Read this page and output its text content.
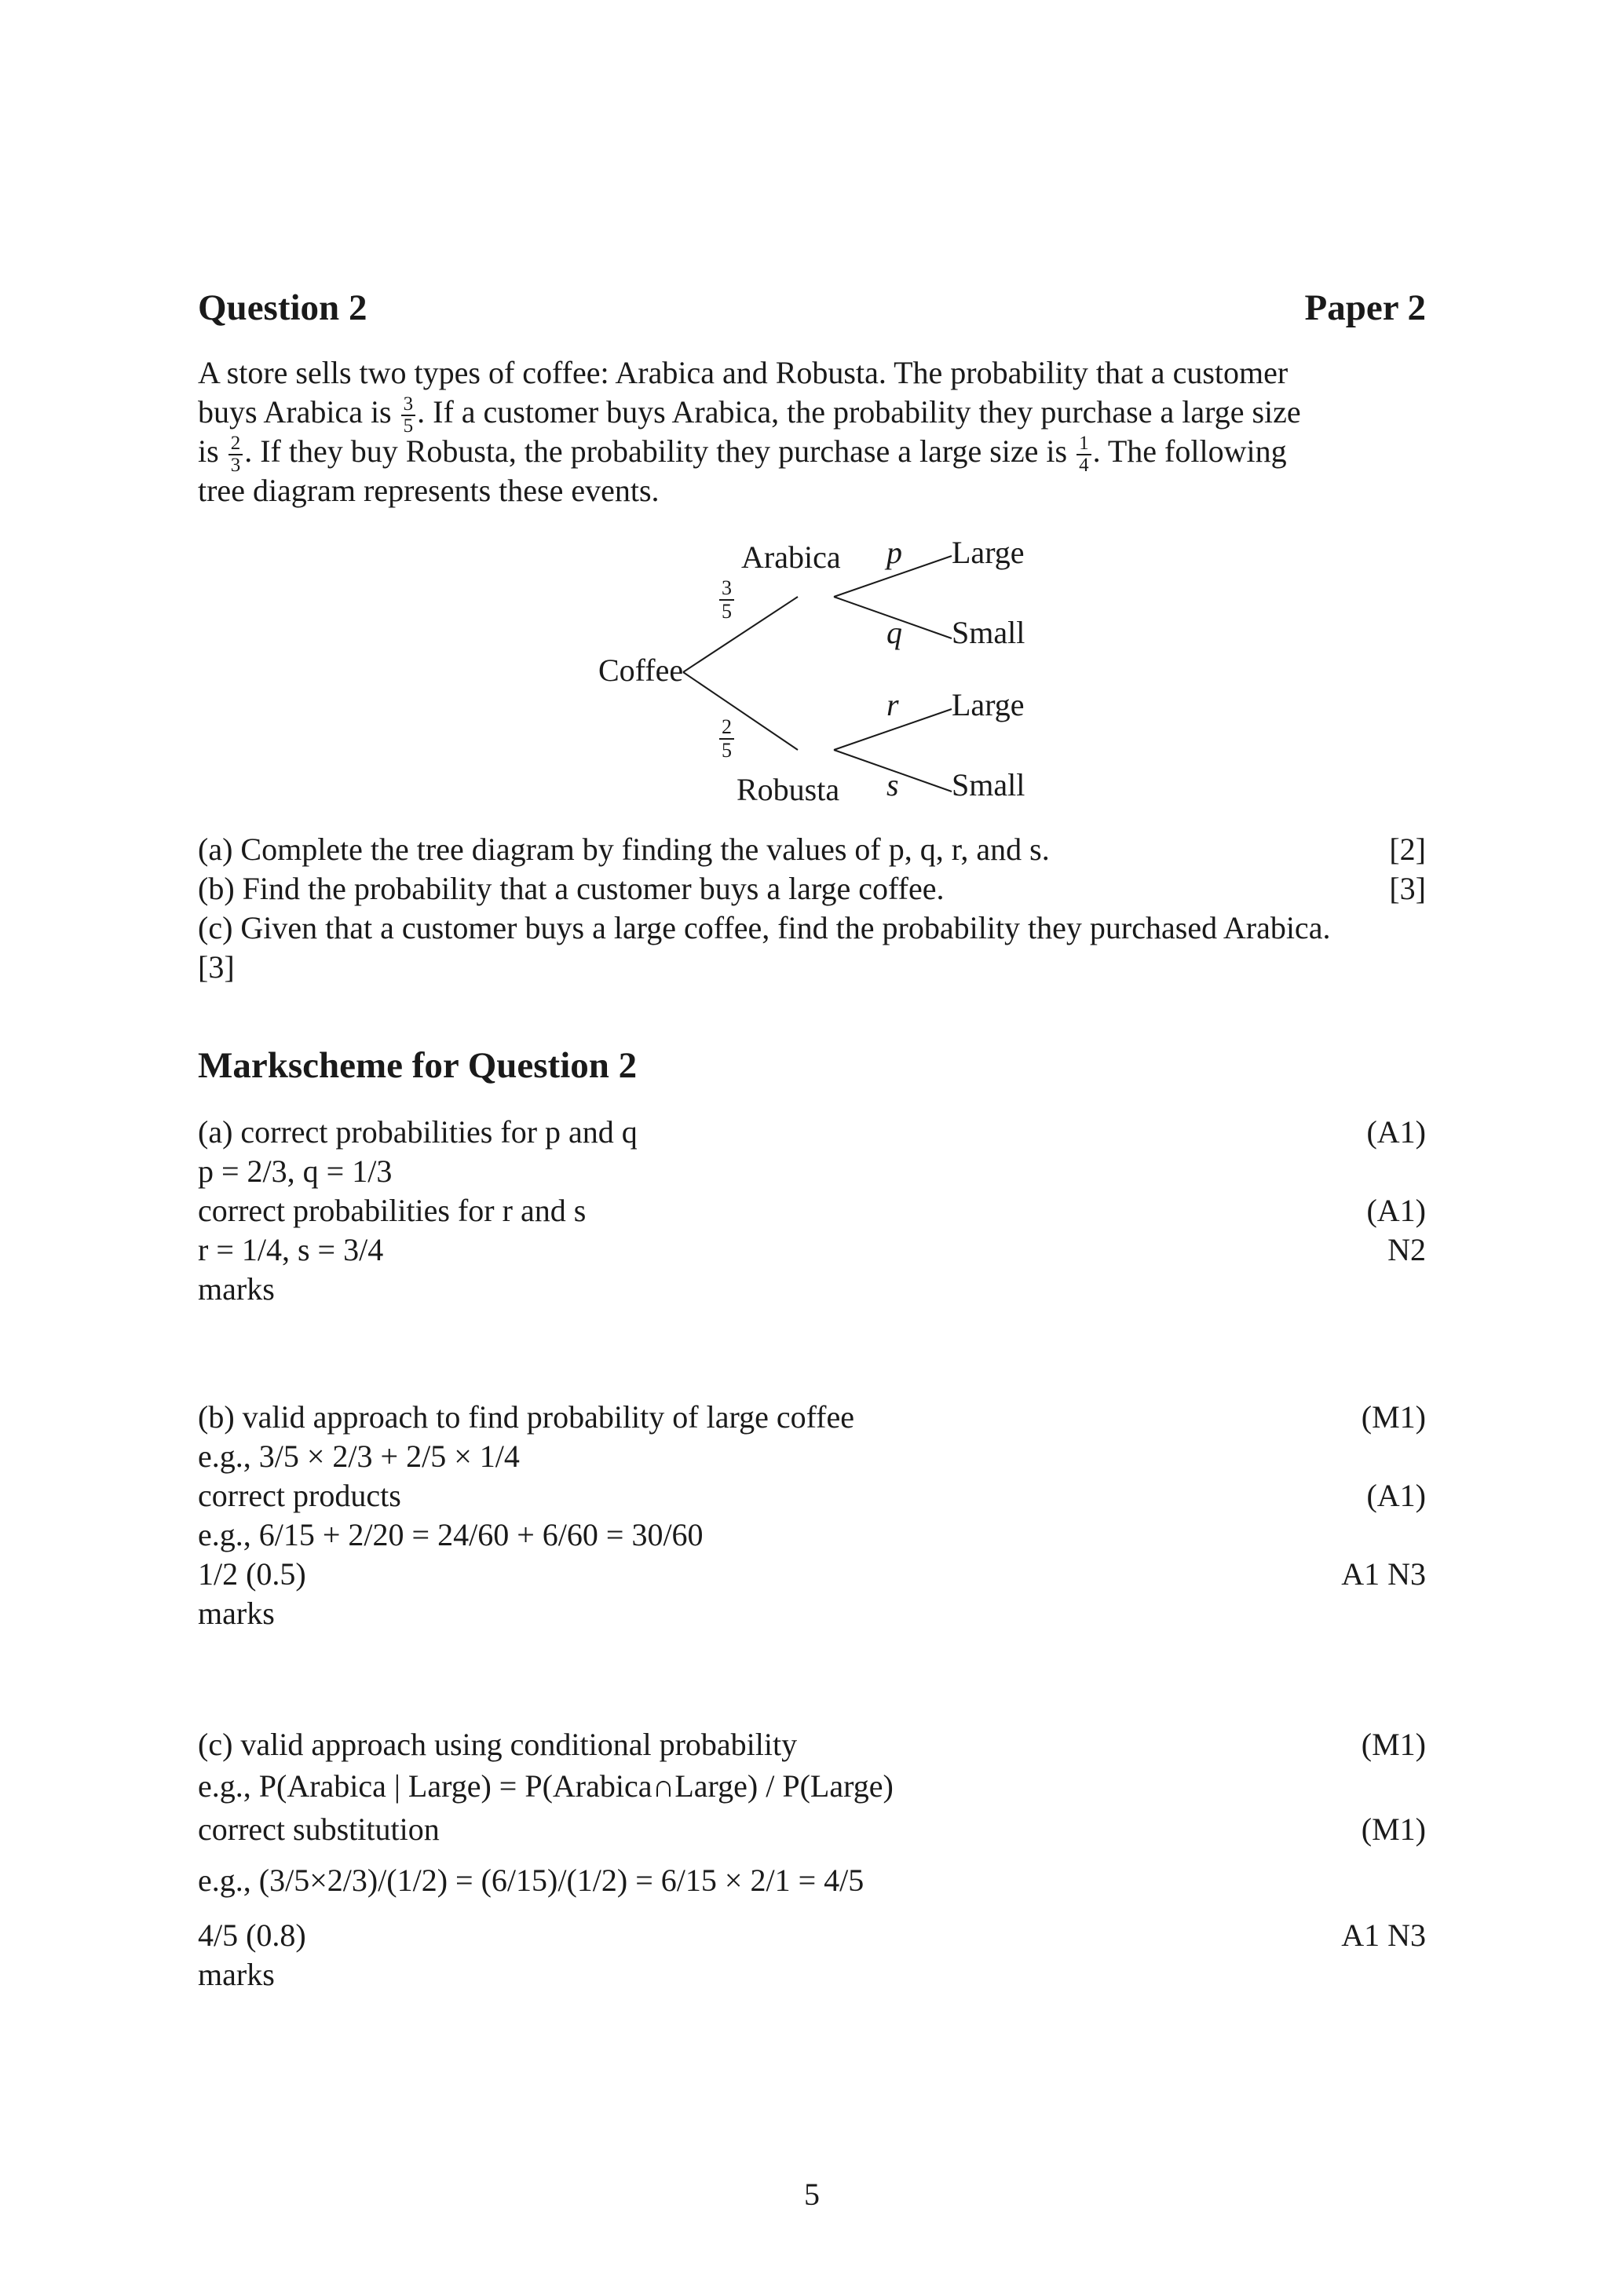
Question 2	Paper 2
A store sells two types of coffee: Arabica and Robusta. The probability that a customer
buys Arabica is $\frac{3}{5}$ . If a customer buys Arabica, the probability they purchase a large size
is $\frac{2}{3}$ . If they buy Robusta, the probability they purchase a large size is $\frac{1}{4}$ . The following
tree diagram represents these events.
Coffee
Arabica
Robusta
3
5
2
5
p
q
r
s
Large
Small
Large
Small
(a) Complete the tree diagram by finding the values of p, q, r, and s.	[2]
(b) Find the probability that a customer buys a large coffee.	[3]
(c) Given that a customer buys a large coffee, find the probability they purchased Arabica.
[3]
Markscheme for Question 2
(a) correct probabilities for p and q	(A1)
p = 2/3, q = 1/3
correct probabilities for r and s	(A1)
r = 1/4, s = 3/4	N2
marks
(b) valid approach to find probability of large coffee	(M1)
e.g., 3/5 × 2/3 + 2/5 × 1/4
correct products	(A1)
e.g., 6/15 + 2/20 = 24/60 + 6/60 = 30/60
1/2 (0.5)	A1 N3
marks
(c) valid approach using conditional probability	(M1)
e.g., P(Arabica | Large) = P(Arabica∩Large) / P(Large)
correct substitution	(M1)
e.g., (3/5×2/3)/(1/2) = (6/15)/(1/2) = 6/15 × 2/1 = 4/5
4/5 (0.8)	A1 N3
marks
5
